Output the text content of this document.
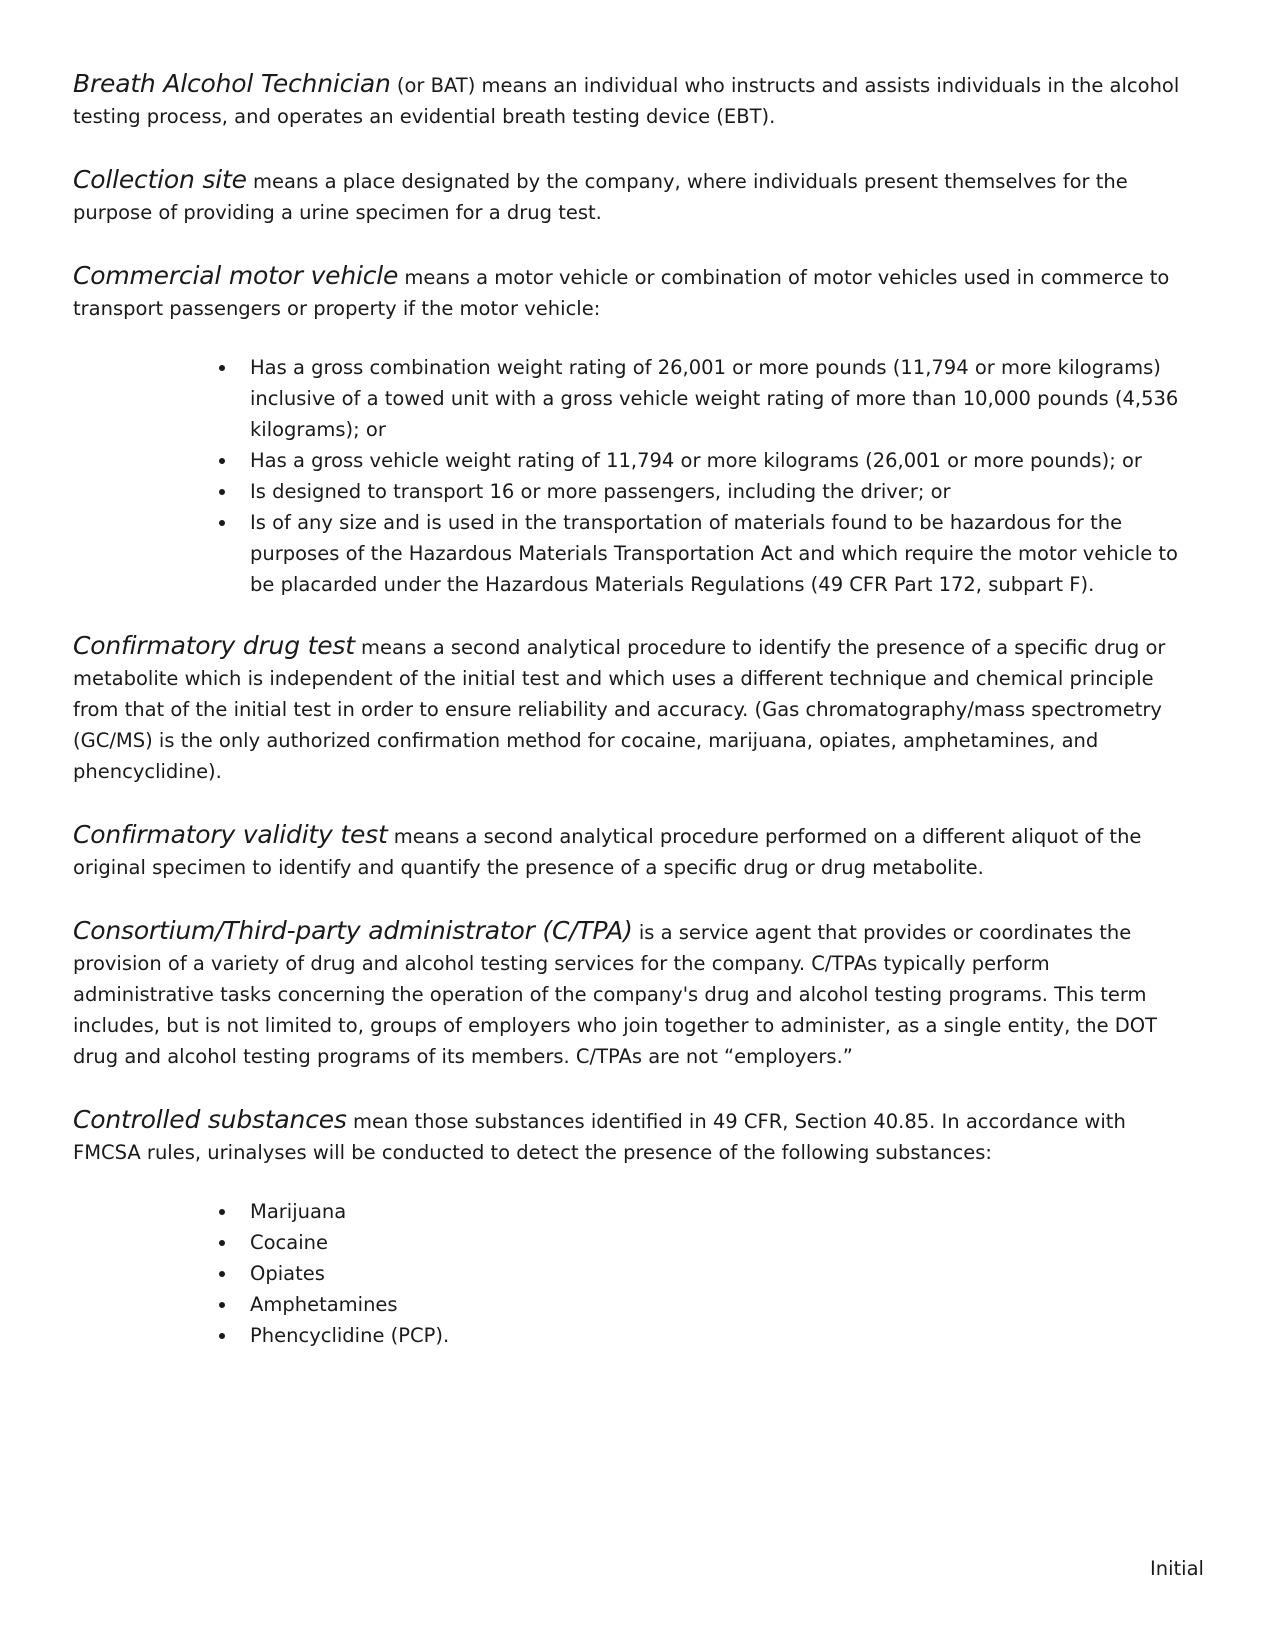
Breath Alcohol Technician (or BAT) means an individual who instructs and assists individuals in the alcohol testing process, and operates an evidential breath testing device (EBT).

Collection site means a place designated by the company, where individuals present themselves for the purpose of providing a urine specimen for a drug test.

Commercial motor vehicle means a motor vehicle or combination of motor vehicles used in commerce to transport passengers or property if the motor vehicle:

Has a gross combination weight rating of 26,001 or more pounds (11,794 or more kilograms) inclusive of a towed unit with a gross vehicle weight rating of more than 10,000 pounds (4,536 kilograms); or
Has a gross vehicle weight rating of 11,794 or more kilograms (26,001 or more pounds); or
Is designed to transport 16 or more passengers, including the driver; or
Is of any size and is used in the transportation of materials found to be hazardous for the purposes of the Hazardous Materials Transportation Act and which require the motor vehicle to be placarded under the Hazardous Materials Regulations (49 CFR Part 172, subpart F).

Confirmatory drug test means a second analytical procedure to identify the presence of a specific drug or metabolite which is independent of the initial test and which uses a different technique and chemical principle from that of the initial test in order to ensure reliability and accuracy. (Gas chromatography/mass spectrometry (GC/MS) is the only authorized confirmation method for cocaine, marijuana, opiates, amphetamines, and phencyclidine).

Confirmatory validity test means a second analytical procedure performed on a different aliquot of the original specimen to identify and quantify the presence of a specific drug or drug metabolite.

Consortium/Third-party administrator (C/TPA) is a service agent that provides or coordinates the provision of a variety of drug and alcohol testing services for the company. C/TPAs typically perform administrative tasks concerning the operation of the company's drug and alcohol testing programs. This term includes, but is not limited to, groups of employers who join together to administer, as a single entity, the DOT drug and alcohol testing programs of its members. C/TPAs are not “employers.”

Controlled substances mean those substances identified in 49 CFR, Section 40.85. In accordance with FMCSA rules, urinalyses will be conducted to detect the presence of the following substances:

Marijuana
Cocaine
Opiates
Amphetamines
Phencyclidine (PCP).
Initial
